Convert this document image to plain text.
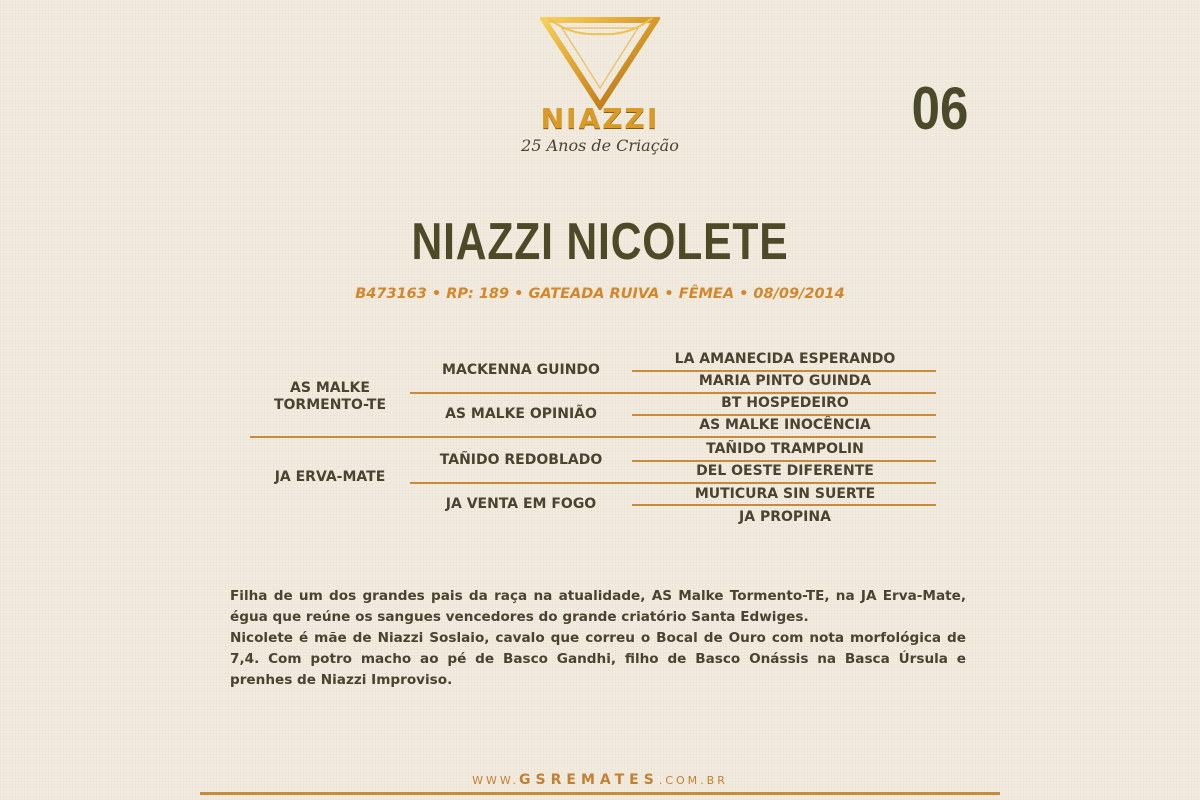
NIAZZI
25 Anos de Criação
06
NIAZZI NICOLETE
B473163 • RP: 189 • GATEADA RUIVA • FÊMEA • 08/09/2014
AS MALKE TORMENTO-TE
JA ERVA-MATE
MACKENNA GUINDO
AS MALKE OPINIÃO
TAÑIDO REDOBLADO
JA VENTA EM FOGO
LA AMANECIDA ESPERANDO
MARIA PINTO GUINDA
BT HOSPEDEIRO
AS MALKE INOCÊNCIA
TAÑIDO TRAMPOLIN
DEL OESTE DIFERENTE
MUTICURA SIN SUERTE
JA PROPINA

Filha de um dos grandes pais da raça na atualidade, AS Malke Tormento-TE, na JA Erva-Mate, égua que reúne os sangues vencedores do grande criatório Santa Edwiges.

Nicolete é mãe de Niazzi Soslaio, cavalo que correu o Bocal de Ouro com nota morfológica de 7,4. Com potro macho ao pé de Basco Gandhi, filho de Basco Onássis na Basca Úrsula e prenhes de Niazzi Improviso.

WWW.GSREMATES.COM.BR
